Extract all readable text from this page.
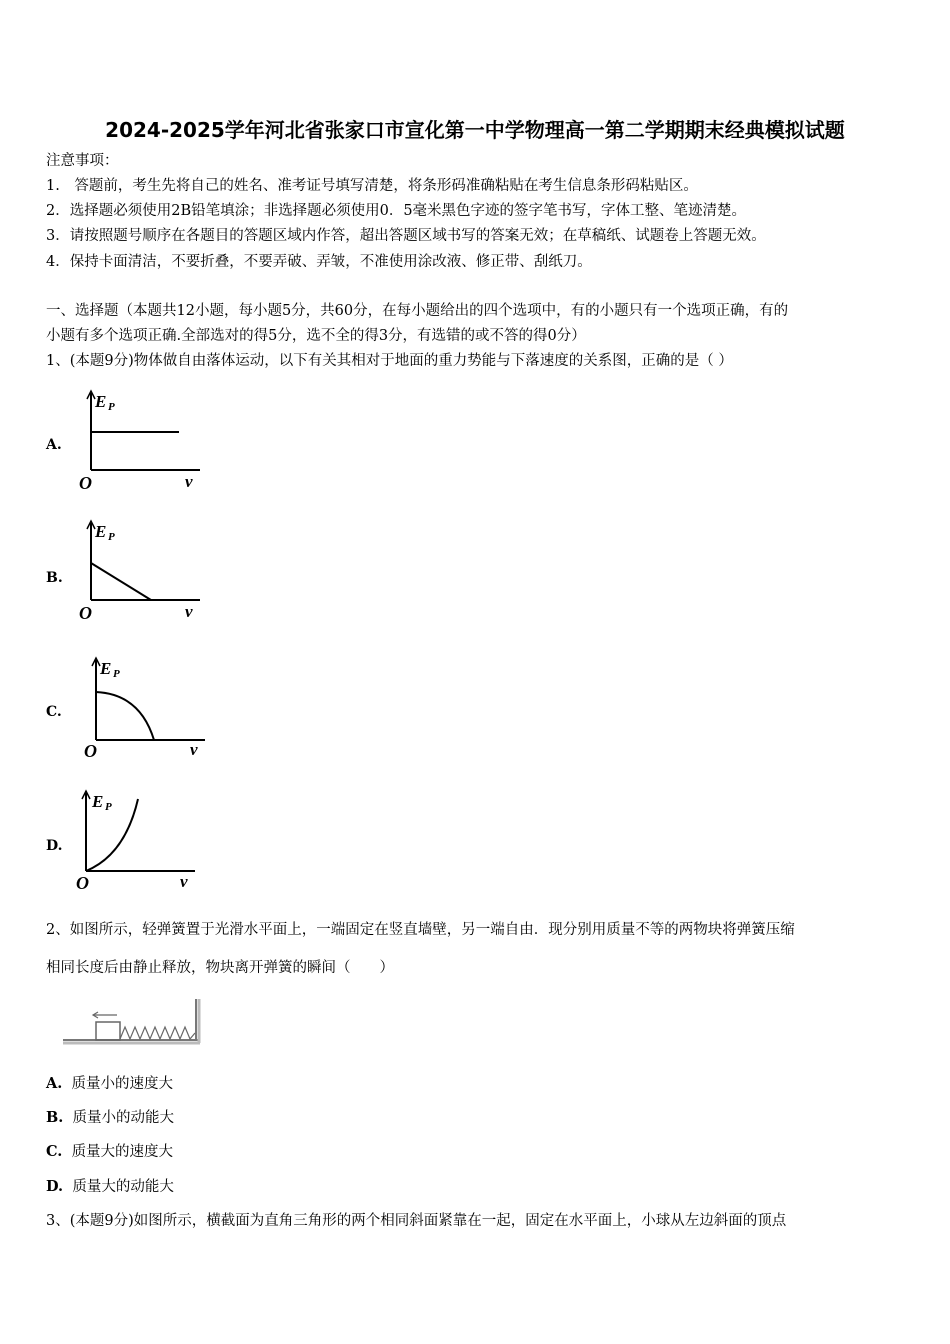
2024-2025学年河北省张家口市宣化第一中学物理高一第二学期期末经典模拟试题
注意事项：
1.　答题前，考生先将自己的姓名、准考证号填写清楚，将条形码准确粘贴在考生信息条形码粘贴区。
2．选择题必须使用2B铅笔填涂；非选择题必须使用0．5毫米黑色字迹的签字笔书写，字体工整、笔迹清楚。
3．请按照题号顺序在各题目的答题区域内作答，超出答题区域书写的答案无效；在草稿纸、试题卷上答题无效。
4．保持卡面清洁，不要折叠，不要弄破、弄皱，不准使用涂改液、修正带、刮纸刀。
一、选择题（本题共12小题，每小题5分，共60分，在每小题给出的四个选项中，有的小题只有一个选项正确，有的
小题有多个选项正确.全部选对的得5分，选不全的得3分，有选错的或不答的得0分）
1、(本题9分)物体做自由落体运动，以下有关其相对于地面的重力势能与下落速度的关系图，正确的是（ ）
A.
E P
O	v
B.
E P
O	v
C.
E P
O	v
D.
E P
O	v
2、如图所示，轻弹簧置于光滑水平面上，一端固定在竖直墙壁，另一端自由．现分别用质量不等的两物块将弹簧压缩
相同长度后由静止释放，物块离开弹簧的瞬间（　　）
A. 质量小的速度大
B. 质量小的动能大
C. 质量大的速度大
D. 质量大的动能大
3、(本题9分)如图所示，横截面为直角三角形的两个相同斜面紧靠在一起，固定在水平面上，小球从左边斜面的顶点
